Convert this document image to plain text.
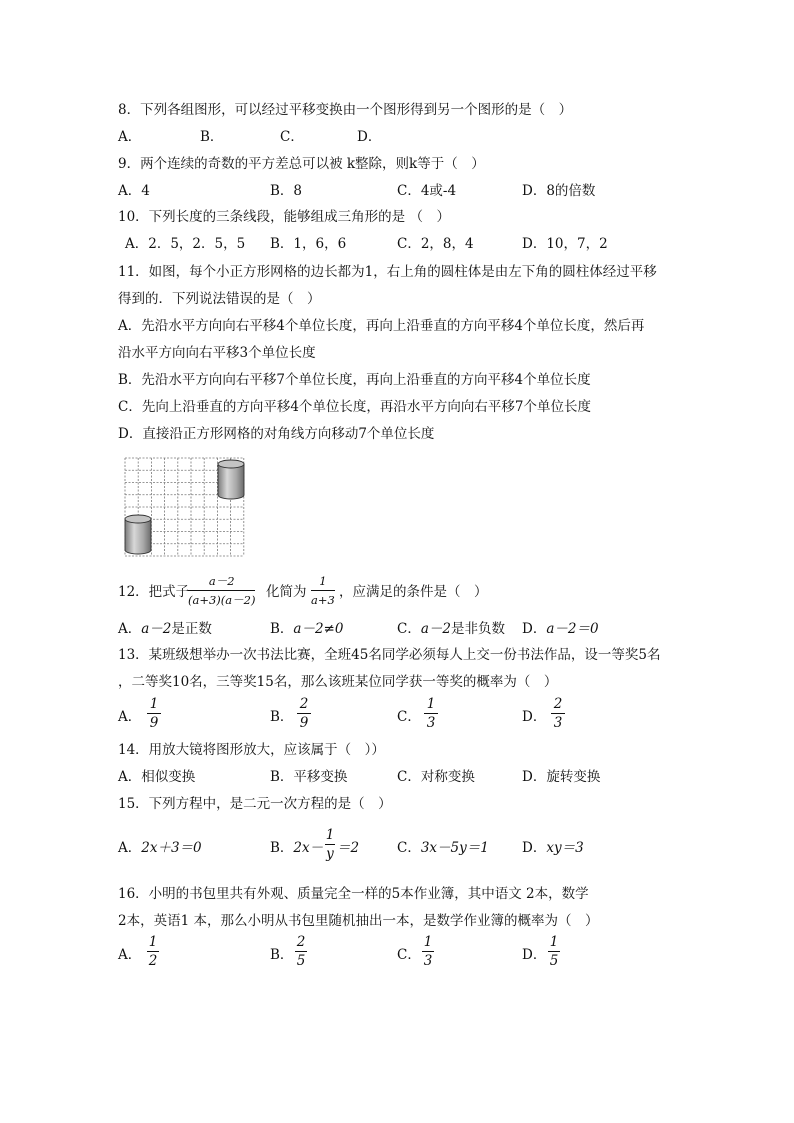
8．下列各组图形，可以经过平移变换由一个图形得到另一个图形的是（　）
A．	B．	C．	D．
9．两个连续的奇数的平方差总可以被 k整除，则k等于（　）
A．4	B．8	C．4或-4	D．8的倍数
10．下列长度的三条线段，能够组成三角形的是 （　）
A．2．5，2．5，5 B．1，6，6	C．2，8，4	D．10，7，2
11．如图，每个小正方形网格的边长都为1，右上角的圆柱体是由左下角的圆柱体经过平移
得到的．下列说法错误的是（　）
A．先沿水平方向向右平移4个单位长度，再向上沿垂直的方向平移4个单位长度，然后再
沿水平方向向右平移3个单位长度
B．先沿水平方向向右平移7个单位长度，再向上沿垂直的方向平移4个单位长度
C．先向上沿垂直的方向平移4个单位长度，再沿水平方向向右平移7个单位长度
D．直接沿正方形网格的对角线方向移动7个单位长度
12．把式子
a－2
(a+3)(a－2) 化简为
1
a+3 ，应满足的条件是（　）
A．a－2是正数	B．a－2≠0	C．a－2是非负数 D．a－2＝0
13．某班级想举办一次书法比赛，全班45名同学必须每人上交一份书法作品，设一等奖5名
，二等奖10名，三等奖15名，那么该班某位同学获一等奖的概率为（　）
A．
1
9	B．
2
9	C．
1
3	D．
2
3
14．用放大镜将图形放大，应该属于（　））
A．相似变换	B．平移变换	C．对称变换	D．旋转变换
15．下列方程中，是二元一次方程的是（　）
A．2x＋3＝0	B．2x－
1
y ＝2	C．3x－5y＝1 D．xy＝3
16．小明的书包里共有外观、质量完全一样的5本作业簿，其中语文 2本，数学
2本，英语1 本，那么小明从书包里随机抽出一本，是数学作业簿的概率为（　）
A．
1
2	B．
2
5	C．
1
3	D．
1
5
